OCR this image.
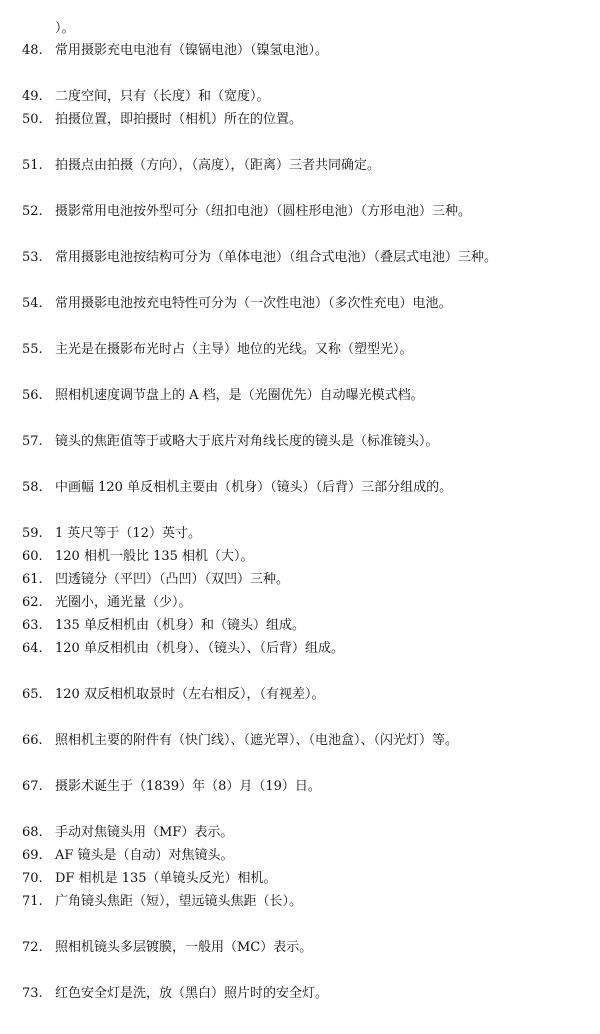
）。
48. 常用摄影充电电池有（镍镉电池）（镍氢电池）。
49. 二度空间，只有（长度）和（宽度）。
50. 拍摄位置，即拍摄时（相机）所在的位置。
51. 拍摄点由拍摄（方向），（高度），（距离）三者共同确定。
52. 摄影常用电池按外型可分（纽扣电池）（圆柱形电池）（方形电池）三种。
53. 常用摄影电池按结构可分为（单体电池）（组合式电池）（叠层式电池）三种。
54. 常用摄影电池按充电特性可分为（一次性电池）（多次性充电）电池。
55. 主光是在摄影布光时占（主导）地位的光线。又称（塑型光）。
56. 照相机速度调节盘上的 A 档，是（光圈优先）自动曝光模式档。
57. 镜头的焦距值等于或略大于底片对角线长度的镜头是（标准镜头）。
58. 中画幅 120 单反相机主要由（机身）（镜头）（后背）三部分组成的。
59. 1 英尺等于（12）英寸。
60. 120 相机一般比 135 相机（大）。
61. 凹透镜分（平凹）（凸凹）（双凹）三种。
62. 光圈小，通光量（少）。
63. 135 单反相机由（机身）和（镜头）组成。
64. 120 单反相机由（机身）、（镜头）、（后背）组成。
65. 120 双反相机取景时（左右相反），（有视差）。
66. 照相机主要的附件有（快门线）、（遮光罩）、（电池盒）、（闪光灯）等。
67. 摄影术诞生于（1839）年（8）月（19）日。
68. 手动对焦镜头用（MF）表示。
69. AF 镜头是（自动）对焦镜头。
70. DF 相机是 135（单镜头反光）相机。
71. 广角镜头焦距（短），望远镜头焦距（长）。
72. 照相机镜头多层镀膜，一般用（MC）表示。
73. 红色安全灯是洗，放（黑白）照片时的安全灯。
